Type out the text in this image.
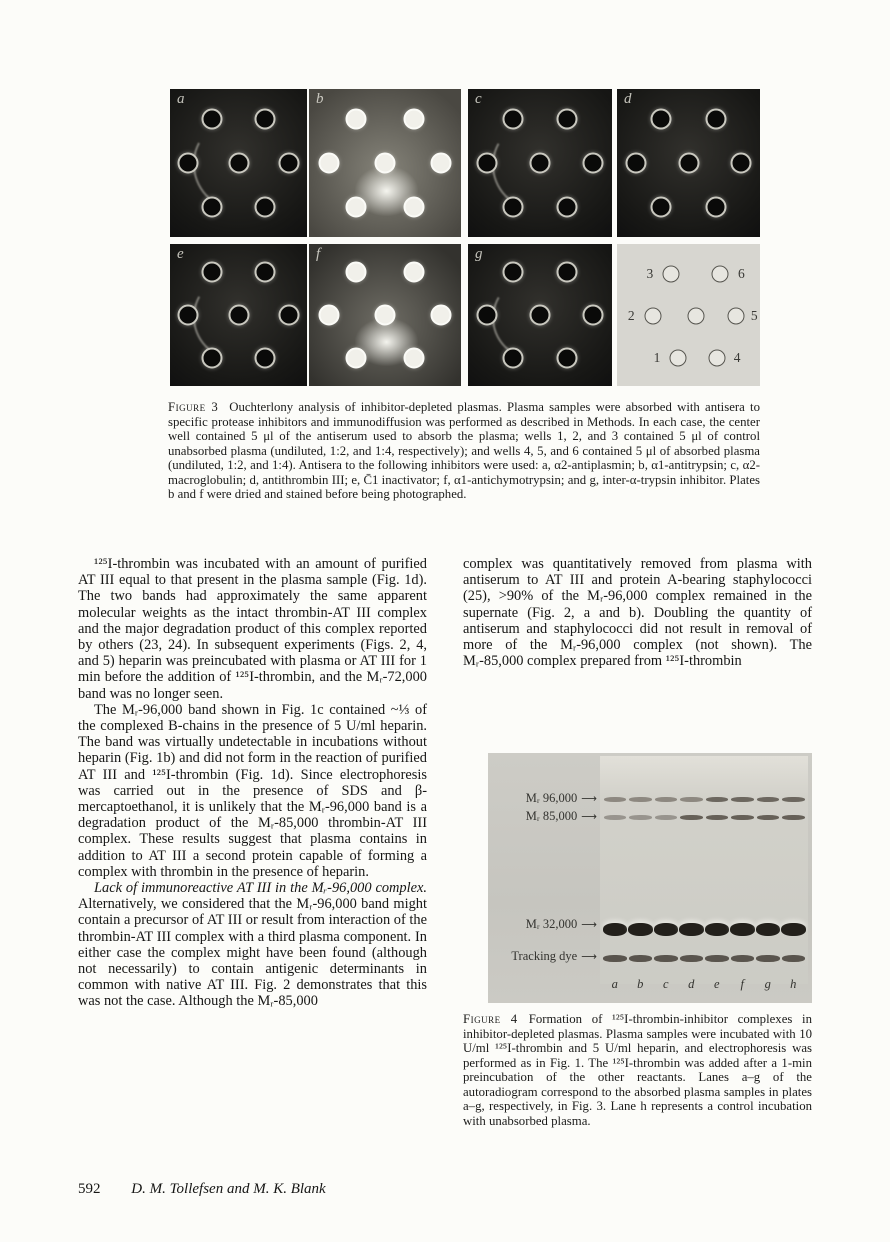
a	b	c	d
e	f	g
3	6
2	5
1	4
Figure 3 Ouchterlony analysis of inhibitor-depleted plasmas. Plasma samples were absorbed with antisera to specific protease inhibitors and immunodiffusion was performed as described in Methods. In each case, the center well contained 5 μl of the antiserum used to absorb the plasma; wells 1, 2, and 3 contained 5 μl of control unabsorbed plasma (undiluted, 1:2, and 1:4, respectively); and wells 4, 5, and 6 contained 5 μl of absorbed plasma (undiluted, 1:2, and 1:4). Antisera to the following inhibitors were used: a, α2-antiplasmin; b, α1-antitrypsin; c, α2-macroglobulin; d, antithrombin III; e, C̄1 inactivator; f, α1-antichymotrypsin; and g, inter-α-trypsin inhibitor. Plates b and f were dried and stained before being photographed.

¹²⁵I-thrombin was incubated with an amount of purified AT III equal to that present in the plasma sample (Fig. 1d). The two bands had approximately the same apparent molecular weights as the intact thrombin-AT III complex and the major degradation product of this complex reported by others (23, 24). In subsequent experiments (Figs. 2, 4, and 5) heparin was preincubated with plasma or AT III for 1 min before the addition of ¹²⁵I-thrombin, and the Mᵣ-72,000 band was no longer seen.

The Mᵣ-96,000 band shown in Fig. 1c contained ~⅓ of the complexed B-chains in the presence of 5 U/ml heparin. The band was virtually undetectable in incubations without heparin (Fig. 1b) and did not form in the reaction of purified AT III and ¹²⁵I-thrombin (Fig. 1d). Since electrophoresis was carried out in the presence of SDS and β-mercaptoethanol, it is unlikely that the Mᵣ-96,000 band is a degradation product of the Mᵣ-85,000 thrombin-AT III complex. These results suggest that plasma contains in addition to AT III a second protein capable of forming a complex with thrombin in the presence of heparin.

Lack of immunoreactive AT III in the Mᵣ-96,000 complex. Alternatively, we considered that the Mᵣ-96,000 band might contain a precursor of AT III or result from interaction of the thrombin-AT III complex with a third plasma component. In either case the complex might have been found (although not necessarily) to contain antigenic determinants in common with native AT III. Fig. 2 demonstrates that this was not the case. Although the Mᵣ-85,000

complex was quantitatively removed from plasma with antiserum to AT III and protein A-bearing staphylococci (25), >90% of the Mᵣ-96,000 complex remained in the supernate (Fig. 2, a and b). Doubling the quantity of antiserum and staphylococci did not result in removal of more of the Mᵣ-96,000 complex (not shown). The Mᵣ-85,000 complex prepared from ¹²⁵I-thrombin

Mᵣ 96,000 ⟶
Mᵣ 85,000 ⟶
Mᵣ 32,000 ⟶
Tracking dye ⟶
a	b	c	d	e	f	g	h
Figure 4 Formation of ¹²⁵I-thrombin-inhibitor complexes in inhibitor-depleted plasmas. Plasma samples were incubated with 10 U/ml ¹²⁵I-thrombin and 5 U/ml heparin, and electrophoresis was performed as in Fig. 1. The ¹²⁵I-thrombin was added after a 1-min preincubation of the other reactants. Lanes a–g of the autoradiogram correspond to the absorbed plasma samples in plates a–g, respectively, in Fig. 3. Lane h represents a control incubation with unabsorbed plasma.
592 D. M. Tollefsen and M. K. Blank
